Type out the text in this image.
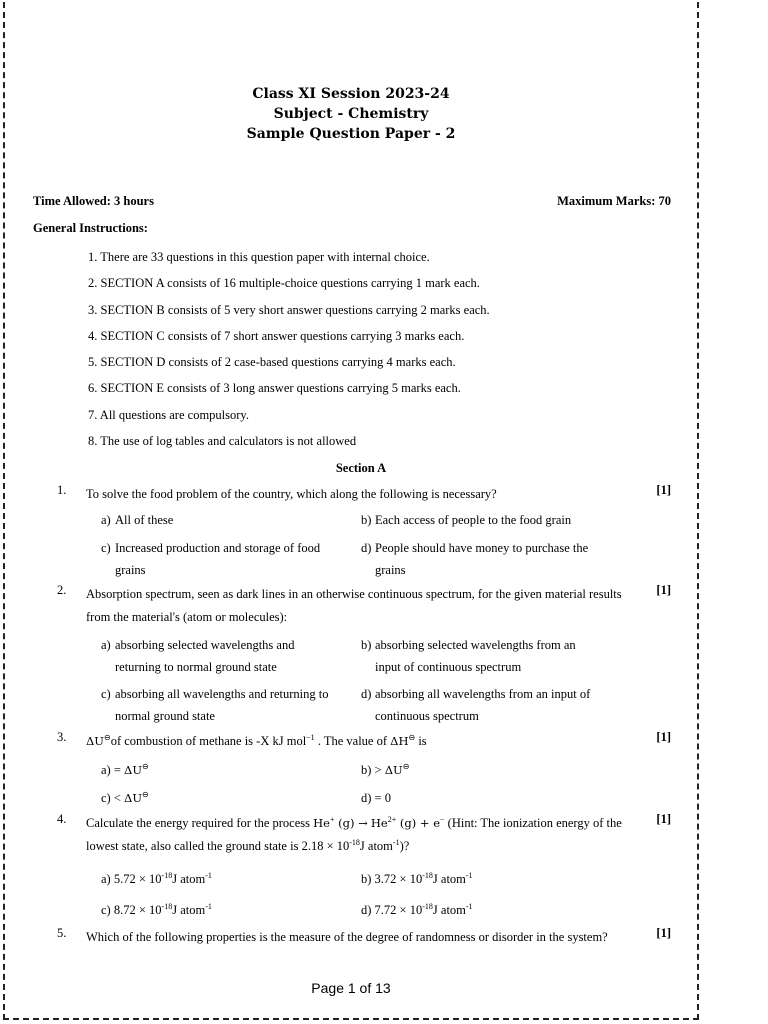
Class XI Session 2023-24
Subject - Chemistry
Sample Question Paper - 2
Time Allowed: 3 hours	Maximum Marks: 70
General Instructions:
1. There are 33 questions in this question paper with internal choice.
2. SECTION A consists of 16 multiple-choice questions carrying 1 mark each.
3. SECTION B consists of 5 very short answer questions carrying 2 marks each.
4. SECTION C consists of 7 short answer questions carrying 3 marks each.
5. SECTION D consists of 2 case-based questions carrying 4 marks each.
6. SECTION E consists of 3 long answer questions carrying 5 marks each.
7. All questions are compulsory.
8. The use of log tables and calculators is not allowed
Section A
1. To solve the food problem of the country, which along the following is necessary?	[1]
a) All of these	b) Each access of people to the food grain
c) Increased production and storage of food grains
d) People should have money to purchase the grains
2. Absorption spectrum, seen as dark lines in an otherwise continuous spectrum, for the given material results from the material's (atom or molecules):
[1]
a) absorbing selected wavelengths and returning to normal ground state
b) absorbing selected wavelengths from an input of continuous spectrum
c) absorbing all wavelengths and returning to normal ground state
d) absorbing all wavelengths from an input of continuous spectrum
3. ΔU⊖of combustion of methane is -X kJ mol$^{-1}$ . The value of ΔH⊖ is	[1]
a) = ΔU⊖	b) > ΔU⊖
c) < ΔU⊖	d) = 0
4. Calculate the energy required for the process He+ $(g) \to He^{2+}$ (g) + e− (Hint: The ionization energy of the lowest state, also called the ground state is $2.18 \times 10^{-18}J$ atom$^{-1}$)?
[1]
a) $5.72 \times 10^{-18}J$ atom$^{-1}$	b) $3.72 \times 10^{-18}J$ atom$^{-1}$
c) $8.72 \times 10^{-18}J$ atom$^{-1}$	d) $7.72 \times 10^{-18}J$ atom$^{-1}$
5. Which of the following properties is the measure of the degree of randomness or disorder in the system?	[1]
Page 1 of 13
